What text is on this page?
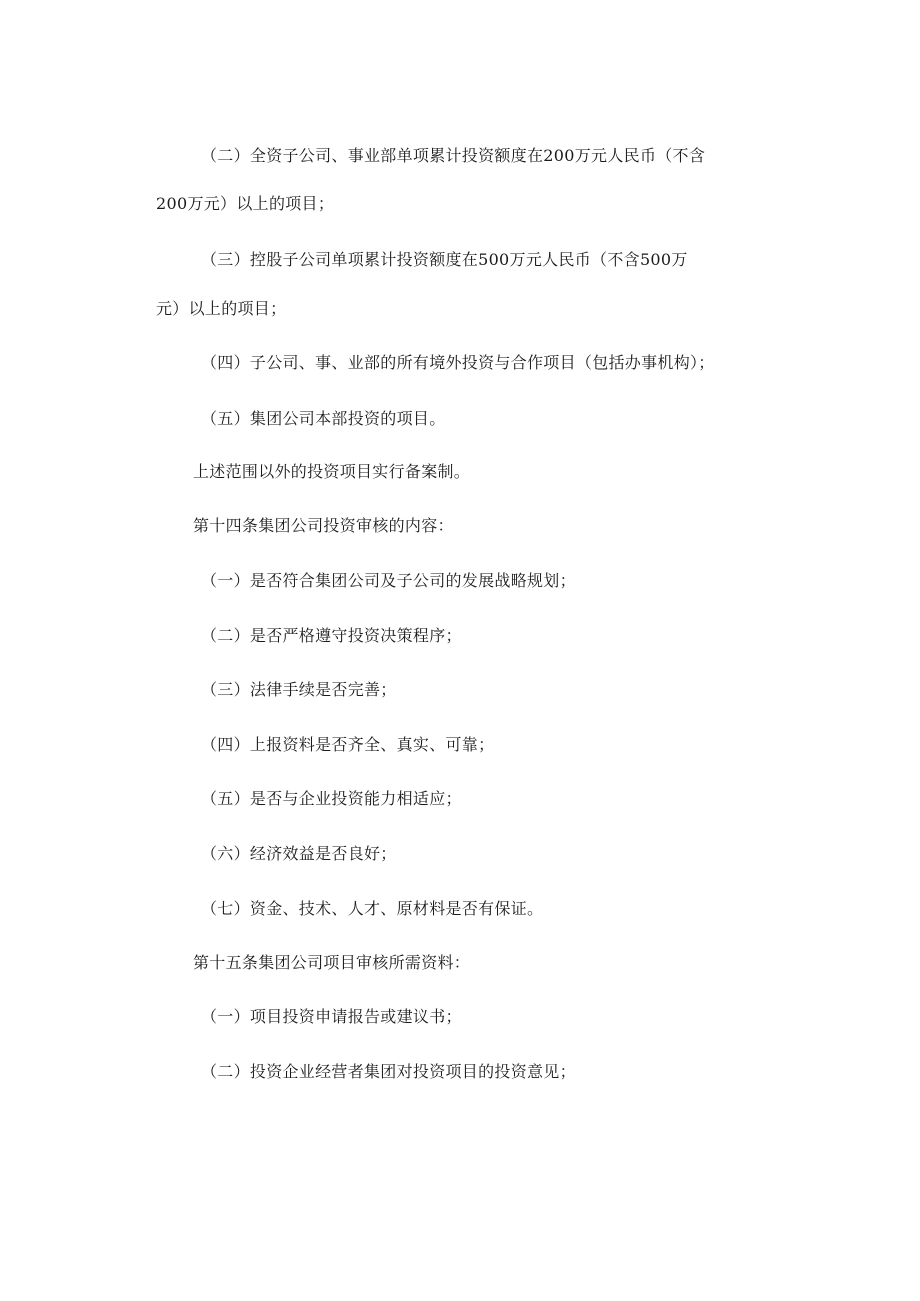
（二）全资子公司、事业部单项累计投资额度在200万元人民币（不含
200万元）以上的项目；
（三）控股子公司单项累计投资额度在500万元人民币（不含500万
元）以上的项目；
（四）子公司、事、业部的所有境外投资与合作项目（包括办事机构）；
（五）集团公司本部投资的项目。
上述范围以外的投资项目实行备案制。
第十四条集团公司投资审核的内容：
（一）是否符合集团公司及子公司的发展战略规划；
（二）是否严格遵守投资决策程序；
（三）法律手续是否完善；
（四）上报资料是否齐全、真实、可靠；
（五）是否与企业投资能力相适应；
（六）经济效益是否良好；
（七）资金、技术、人才、原材料是否有保证。
第十五条集团公司项目审核所需资料：
（一）项目投资申请报告或建议书；
（二）投资企业经营者集团对投资项目的投资意见；
